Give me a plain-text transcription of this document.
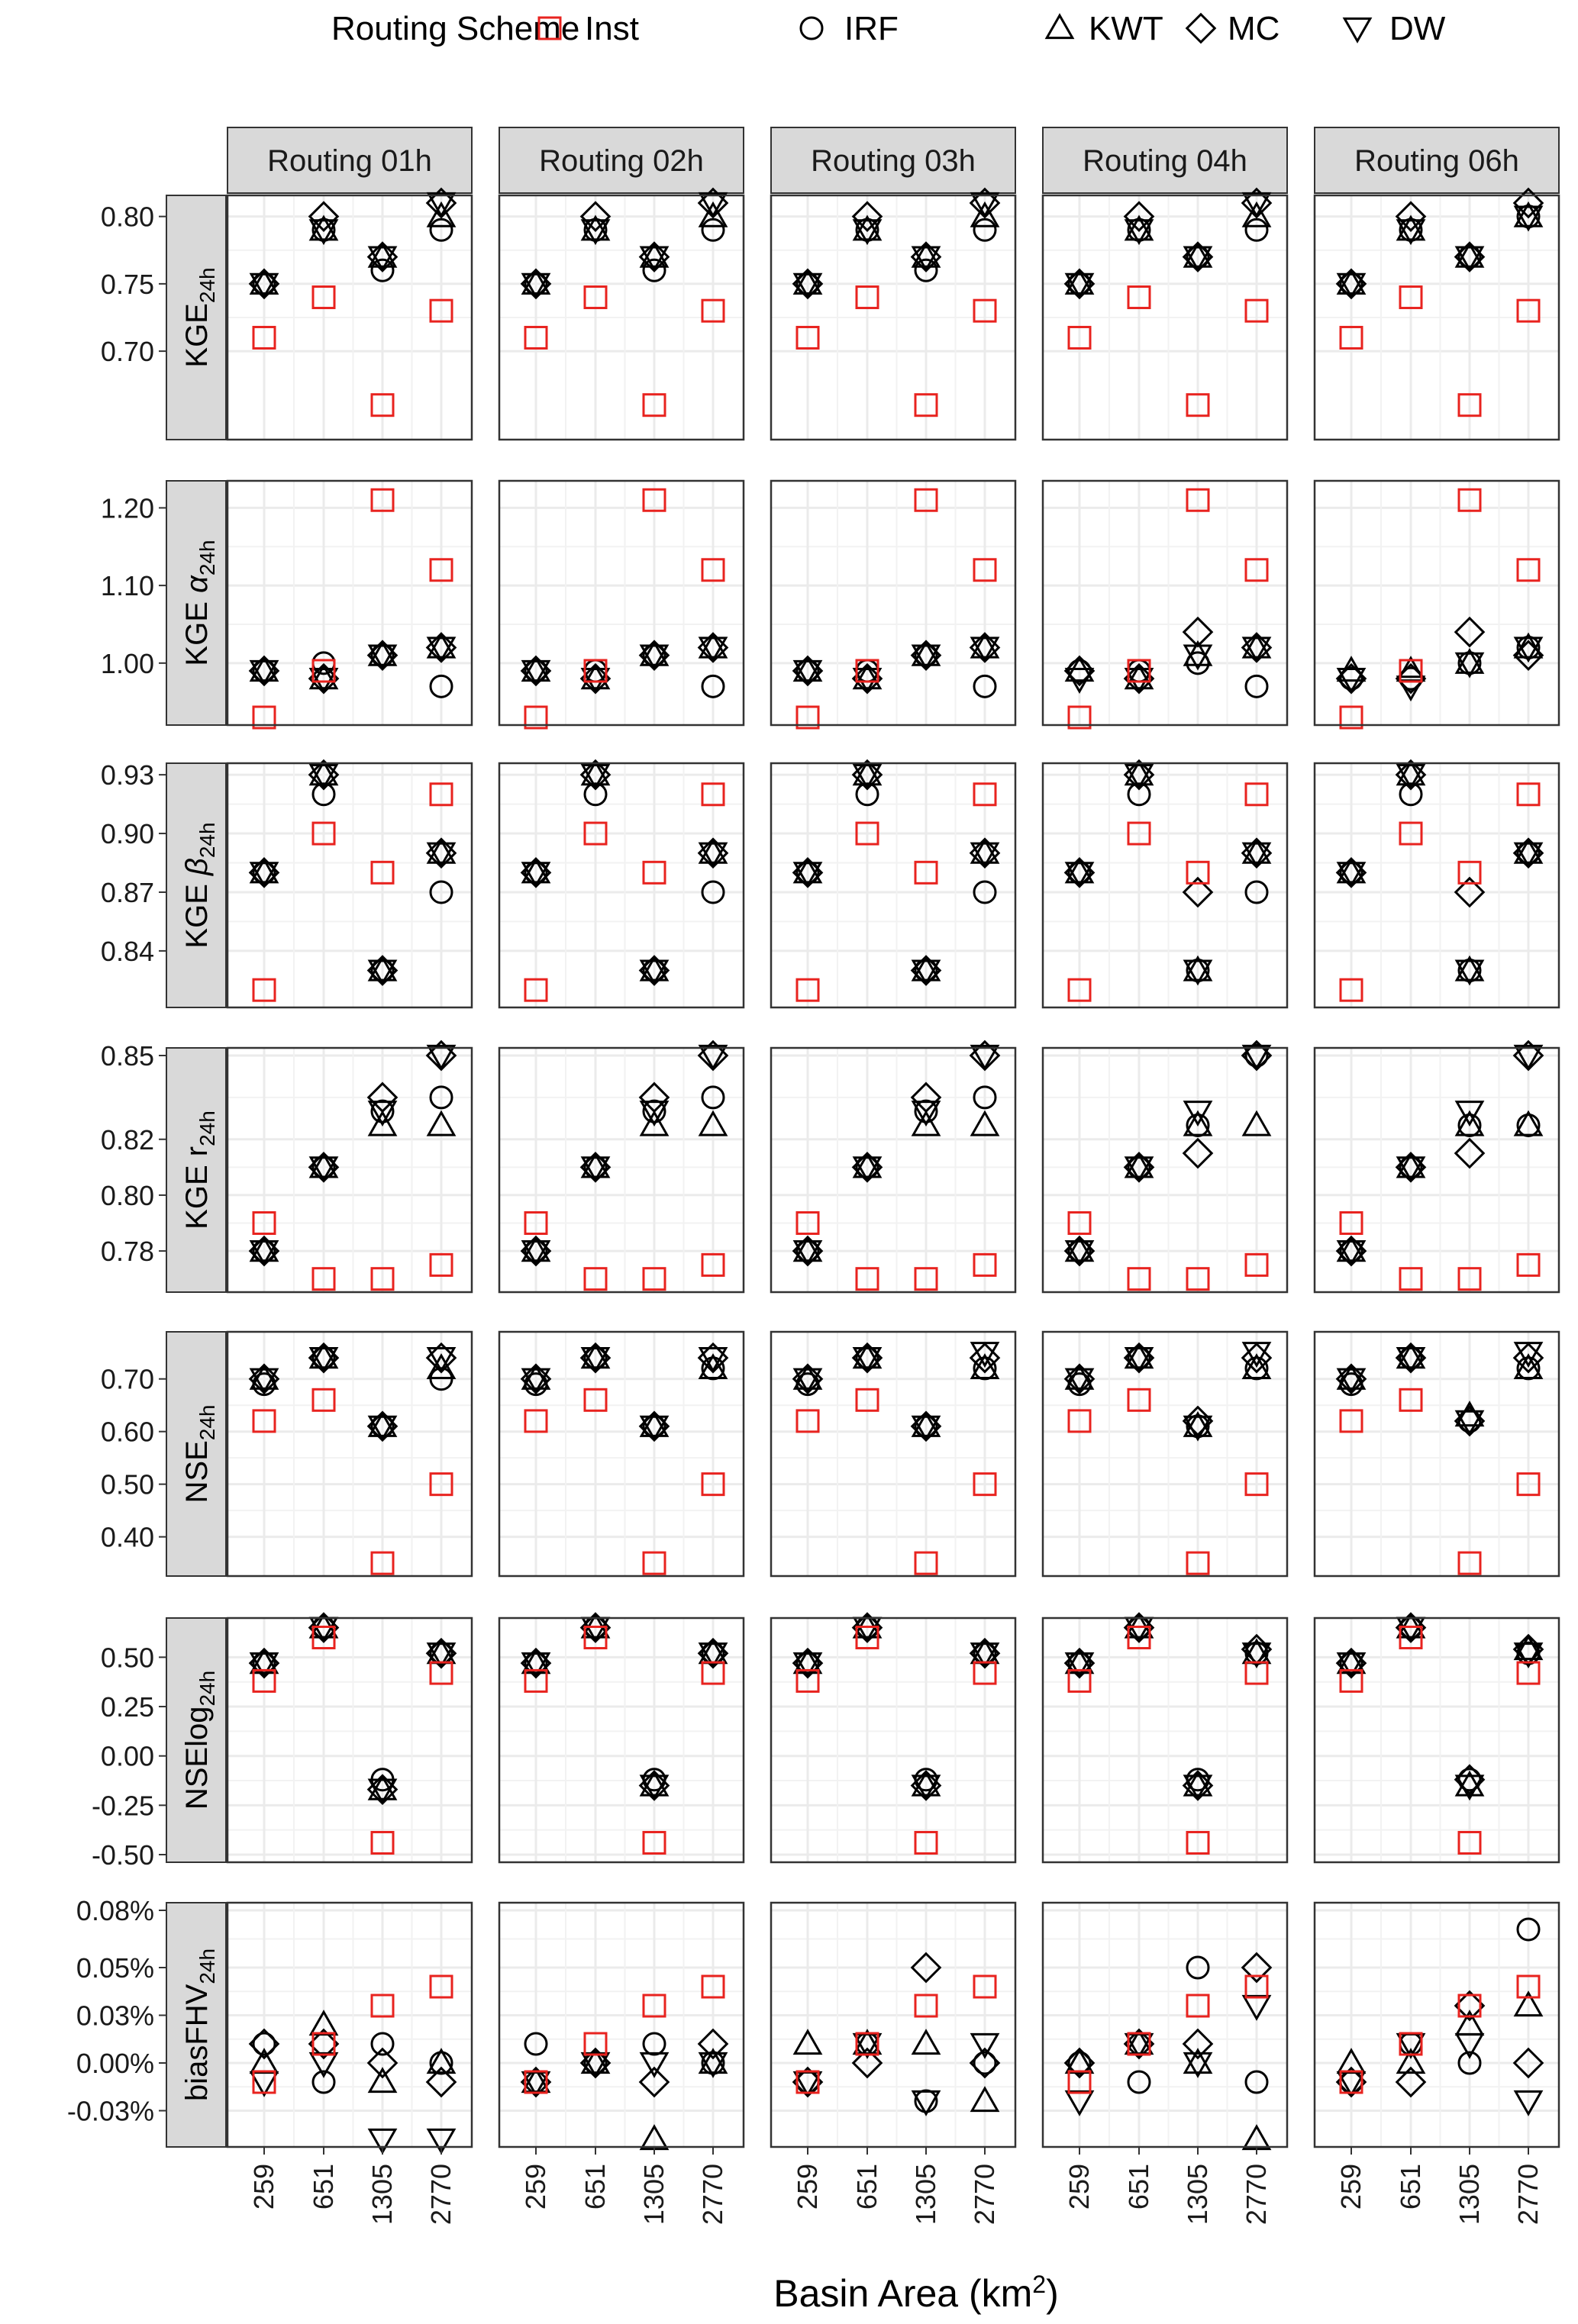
Routing Scheme Inst	IRF	KWT MC	DW
Routing 01h	Routing 02h	Routing 03h	Routing 04h	Routing 06h
$KGE_{24h}$
0.70
0.75
0.80
KGE $\alpha_{24h}$
1.00
1.10
1.20
KGE $\beta_{24h}$
0.84
0.87
0.90
0.93
KGE $r_{24h}$
0.78
0.80
0.82
0.85
$NSE_{24h}$
0.40
0.50
0.60
0.70
NSElog$_{24h}$
-0.50
-0.25
0.00
0.25
0.50
biasFHV$_{24h}$
-0.03%
0.00%
0.03%
0.05%
0.08%
259 651 1305 2770 259 651 1305 2770 259 651 1305 2770 259 651 1305 2770 259 651 1305 2770
Basin Area $(km^2)$
